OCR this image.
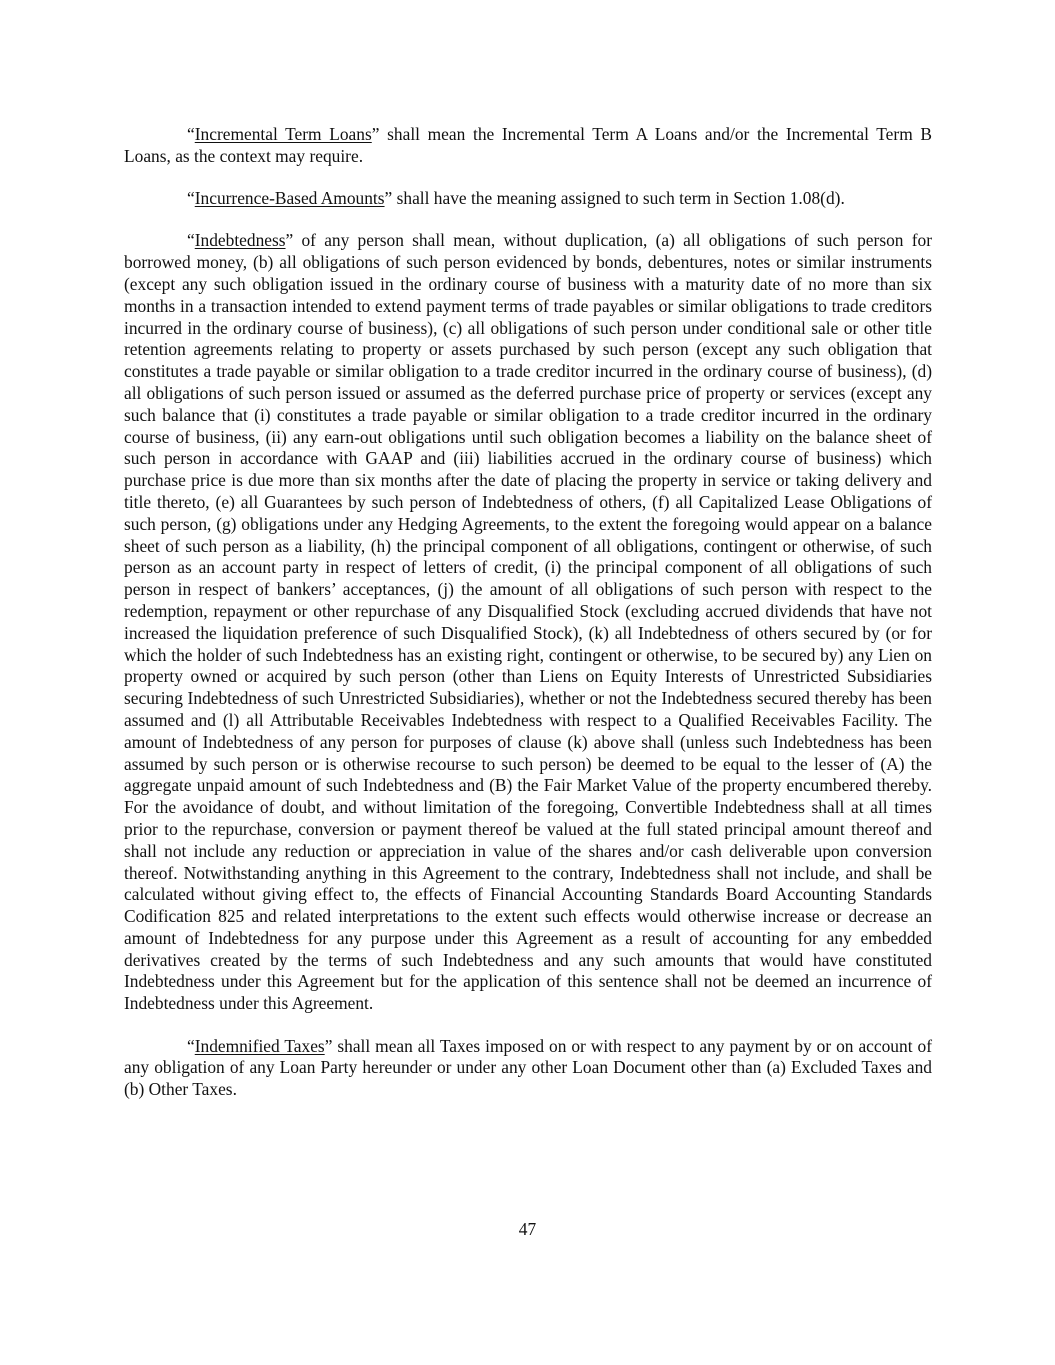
“Incremental Term Loans” shall mean the Incremental Term A Loans and/or the Incremental Term B Loans, as the context may require.

“Incurrence-Based Amounts” shall have the meaning assigned to such term in Section 1.08(d).

“Indebtedness” of any person shall mean, without duplication, (a) all obligations of such person for borrowed money, (b) all obligations of such person evidenced by bonds, debentures, notes or similar instruments (except any such obligation issued in the ordinary course of business with a maturity date of no more than six months in a transaction intended to extend payment terms of trade payables or similar obligations to trade creditors incurred in the ordinary course of business), (c) all obligations of such person under conditional sale or other title retention agreements relating to property or assets purchased by such person (except any such obligation that constitutes a trade payable or similar obligation to a trade creditor incurred in the ordinary course of business), (d) all obligations of such person issued or assumed as the deferred purchase price of property or services (except any such balance that (i) constitutes a trade payable or similar obligation to a trade creditor incurred in the ordinary course of business, (ii) any earn-out obligations until such obligation becomes a liability on the balance sheet of such person in accordance with GAAP and (iii) liabilities accrued in the ordinary course of business) which purchase price is due more than six months after the date of placing the property in service or taking delivery and title thereto, (e) all Guarantees by such person of Indebtedness of others, (f) all Capitalized Lease Obligations of such person, (g) obligations under any Hedging Agreements, to the extent the foregoing would appear on a balance sheet of such person as a liability, (h) the principal component of all obligations, contingent or otherwise, of such person as an account party in respect of letters of credit, (i) the principal component of all obligations of such person in respect of bankers’ acceptances, (j) the amount of all obligations of such person with respect to the redemption, repayment or other repurchase of any Disqualified Stock (excluding accrued dividends that have not increased the liquidation preference of such Disqualified Stock), (k) all Indebtedness of others secured by (or for which the holder of such Indebtedness has an existing right, contingent or otherwise, to be secured by) any Lien on property owned or acquired by such person (other than Liens on Equity Interests of Unrestricted Subsidiaries securing Indebtedness of such Unrestricted Subsidiaries), whether or not the Indebtedness secured thereby has been assumed and (l) all Attributable Receivables Indebtedness with respect to a Qualified Receivables Facility. The amount of Indebtedness of any person for purposes of clause (k) above shall (unless such Indebtedness has been assumed by such person or is otherwise recourse to such person) be deemed to be equal to the lesser of (A) the aggregate unpaid amount of such Indebtedness and (B) the Fair Market Value of the property encumbered thereby. For the avoidance of doubt, and without limitation of the foregoing, Convertible Indebtedness shall at all times prior to the repurchase, conversion or payment thereof be valued at the full stated principal amount thereof and shall not include any reduction or appreciation in value of the shares and/or cash deliverable upon conversion thereof. Notwithstanding anything in this Agreement to the contrary, Indebtedness shall not include, and shall be calculated without giving effect to, the effects of Financial Accounting Standards Board Accounting Standards Codification 825 and related interpretations to the extent such effects would otherwise increase or decrease an amount of Indebtedness for any purpose under this Agreement as a result of accounting for any embedded derivatives created by the terms of such Indebtedness and any such amounts that would have constituted Indebtedness under this Agreement but for the application of this sentence shall not be deemed an incurrence of Indebtedness under this Agreement.

“Indemnified Taxes” shall mean all Taxes imposed on or with respect to any payment by or on account of any obligation of any Loan Party hereunder or under any other Loan Document other than (a) Excluded Taxes and (b) Other Taxes.

47
